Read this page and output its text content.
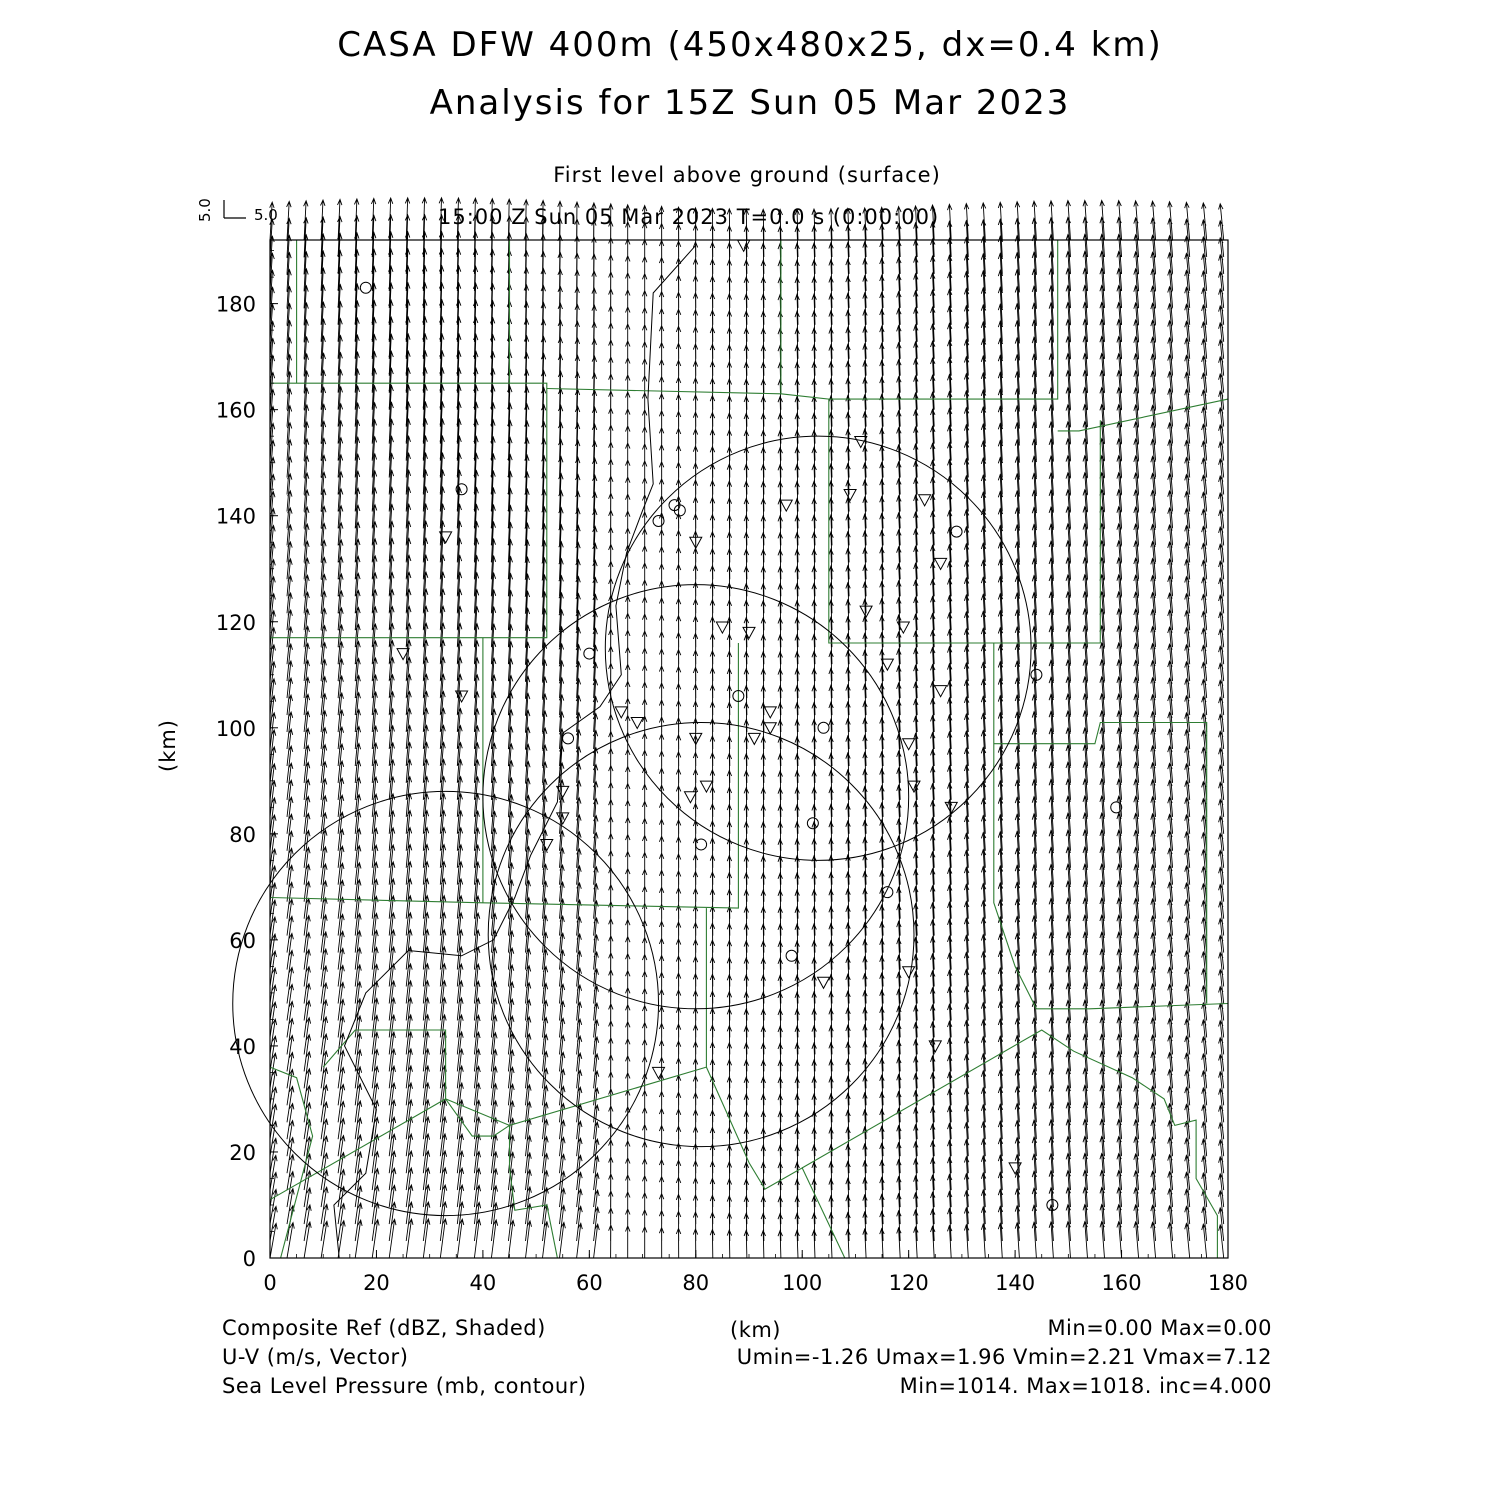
0	20	40	60	80	100	120	140	160	180
0
20
40
60
80
100
120
140
160
180
CASA DFW 400m (450x480x25, dx=0.4 km)
Analysis for 15Z Sun 05 Mar 2023
First level above ground (surface)
15:00 Z Sun 05 Mar 2023 T=0.0 s (0:00:00)
5.0
5.0
(km)
Composite Ref (dBZ, Shaded)
U-V (m/s, Vector)
Sea Level Pressure (mb, contour)
(km)	Min=0.00 Max=0.00
Umin=-1.26 Umax=1.96 Vmin=2.21 Vmax=7.12
Min=1014. Max=1018. inc=4.000
